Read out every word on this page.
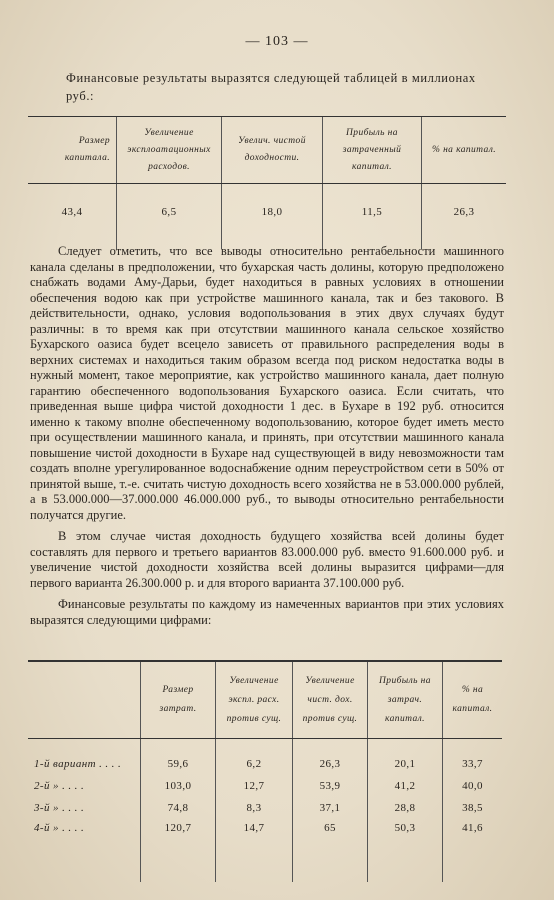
— 103 —
Финансовые результаты выразятся следующей таблицей в миллионах руб.:
Размер капитала.	Увеличение эксплоатационных расходов.	Увелич. чистой доходности.	Прибыль на затраченный капитал.	% на капитал.
43,4	6,5	18,0	11,5	26,3

Следует отметить, что все выводы относительно рентабельности машинного канала сделаны в предположении, что бухарская часть долины, которую предположено снабжать водами Аму-Дарьи, будет находиться в равных условиях в отношении обеспечения водою как при устройстве машинного канала, так и без такового. В действительности, однако, условия водопользования в этих двух случаях будут различны: в то время как при отсутствии машинного канала сельское хозяйство Бухарского оазиса будет всецело зависеть от правильного распределения воды в верхних системах и находиться таким образом всегда под риском недостатка воды в нужный момент, такое мероприятие, как устройство машинного канала, дает полную гарантию обеспеченного водопользования Бухарского оазиса. Если считать, что приведенная выше цифра чистой доходности 1 дес. в Бухаре в 192 руб. относится именно к такому вполне обеспеченному водопользованию, которое будет иметь место при осуществлении машинного канала, и принять, при отсутствии машинного канала повышение чистой доходности в Бухаре над существующей в виду невозможности там создать вполне урегулированное водоснабжение одним переустройством сети в 50% от принятой выше, т.-е. считать чистую доходность всего хозяйства не в 53.000.000 рублей, а в 53.000.000—37.000.000 46.000.000 руб., то выводы относительно рентабельности получатся другие.

В этом случае чистая доходность будущего хозяйства всей долины будет составлять для первого и третьего вариантов 83.000.000 руб. вместо 91.600.000 руб. и увеличение чистой доходности хозяйства всей долины выразится цифрами—для первого варианта 26.300.000 р. и для второго варианта 37.100.000 руб.

Финансовые результаты по каждому из намеченных вариантов при этих условиях выразятся следующими цифрами:

	Размер затрат.	Увеличение экспл. расх. против сущ.	Увеличение чист. дох. против сущ.	Прибыль на затрач. капитал.	% на капитал.
1-й вариант . . . .	59,6	6,2	26,3	20,1	33,7
2-й » . . . .	103,0	12,7	53,9	41,2	40,0
3-й » . . . .	74,8	8,3	37,1	28,8	38,5
4-й » . . . .	120,7	14,7	65	50,3	41,6
